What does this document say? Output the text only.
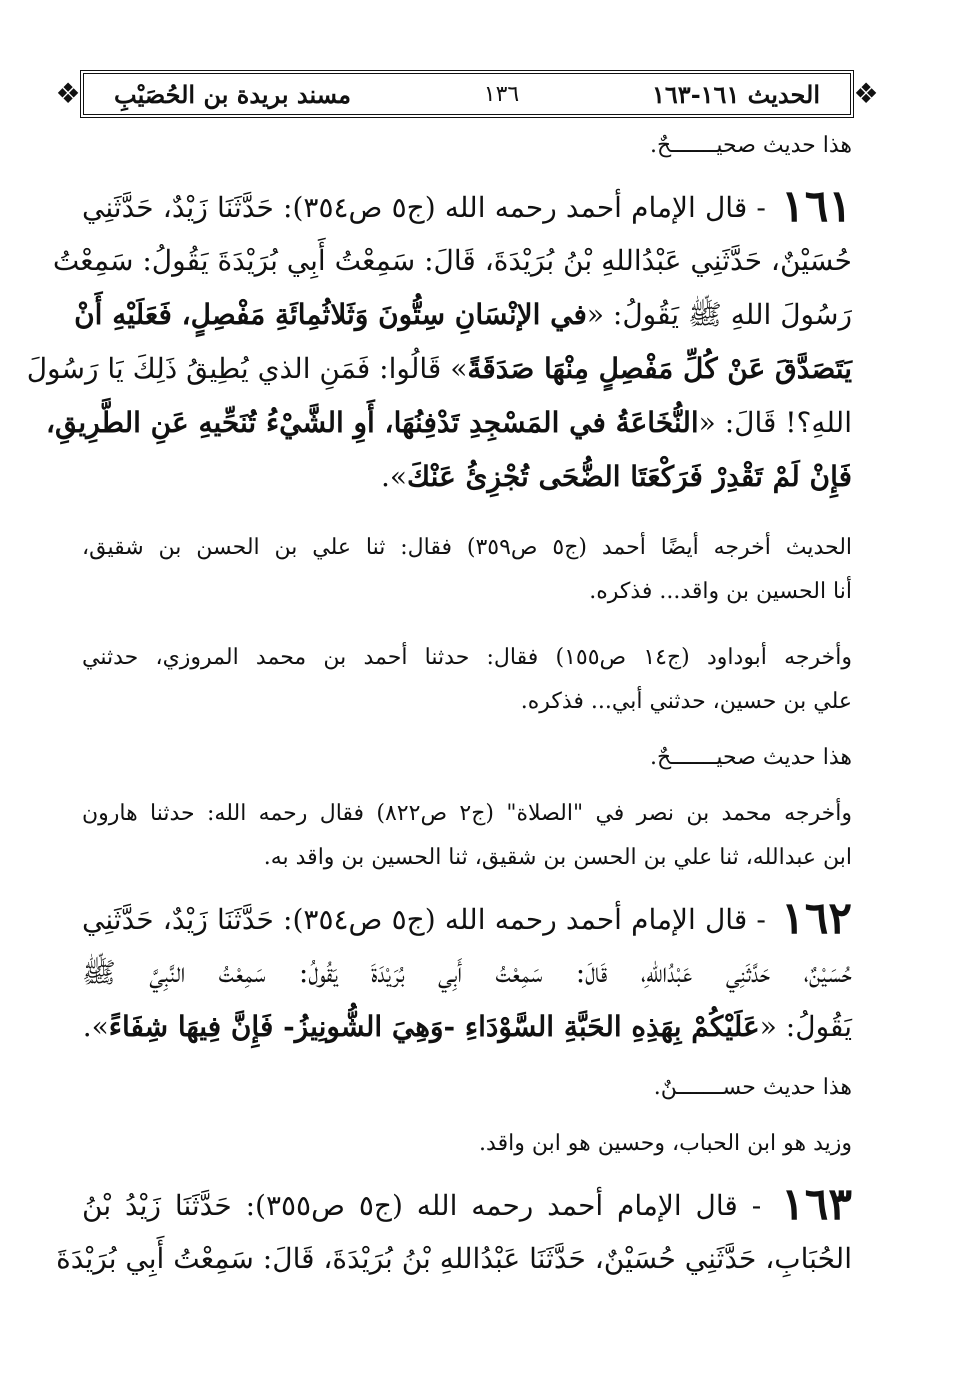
❖	الحديث ١٦١-١٦٣
١٣٦
مسند بريدة بن الحُصَيْبِ	❖
هذا حديث صحيـــــــحٌ.
١٦١ - قال الإمام أحمد رحمه الله (ج٥ ص٣٥٤): حَدَّثَنَا زَيْدٌ، حَدَّثَنِي
حُسَيْنٌ، حَدَّثَنِي عَبْدُاللهِ بْنُ بُرَيْدَةَ، قَالَ: سَمِعْتُ أَبِي بُرَيْدَةَ يَقُولُ: سَمِعْتُ
رَسُولَ اللهِ ﷺ يَقُولُ: «في الإنْسَانِ سِتُّونَ وَثَلاثُمِائَةِ مَفْصِلٍ، فَعَلَيْهِ أَنْ
يَتَصَدَّقَ عَنْ كُلِّ مَفْصِلٍ مِنْهَا صَدَقَةً» قَالُوا: فَمَنِ الذي يُطِيقُ ذَلِكَ يَا رَسُولَ
اللهِ؟! قَالَ: «النُّخَاعَةُ في المَسْجِدِ تَدْفِنُهَا، أَوِ الشَّيْءُ تُنَحِّيهِ عَنِ الطَّرِيقِ،
فَإِنْ لَمْ تَقْدِرْ فَرَكْعَتَا الضُّحَى تُجْزِئُ عَنْكَ».
الحديث أخرجه أيضًا أحمد (ج٥ ص٣٥٩) فقال: ثنا علي بن الحسن بن شقيق،
أنا الحسين بن واقد... فذكره.
وأخرجه أبوداود (ج١٤ ص١٥٥) فقال: حدثنا أحمد بن محمد المروزي، حدثني
علي بن حسين، حدثني أبي... فذكره.
هذا حديث صحيـــــــحٌ.
وأخرجه محمد بن نصر في "الصلاة" (ج٢ ص٨٢٢) فقال رحمه الله: حدثنا هارون
ابن عبدالله، ثنا علي بن الحسن بن شقيق، ثنا الحسين بن واقد به.
١٦٢ - قال الإمام أحمد رحمه الله (ج٥ ص٣٥٤): حَدَّثَنَا زَيْدٌ، حَدَّثَنِي
حُسَيْنٌ، حَدَّثَنِي عَبْدُاللهِ، قَالَ: سَمِعْتُ أَبِي بُرَيْدَةَ يَقُولُ: سَمِعْتُ النَّبِيَّ ﷺ
يَقُولُ: «عَلَيْكُمْ بِهَذِهِ الحَبَّةِ السَّوْدَاءِ -وَهِيَ الشُّونِيزُ- فَإِنَّ فِيهَا شِفَاءً».
هذا حديث حســـــــنٌ.
وزيد هو ابن الحباب، وحسين هو ابن واقد.
١٦٣ - قال الإمام أحمد رحمه الله (ج٥ ص٣٥٥): حَدَّثَنَا زَيْدُ بْنُ
الحُبَابِ، حَدَّثَنِي حُسَيْنٌ، حَدَّثَنَا عَبْدُاللهِ بْنُ بُرَيْدَةَ، قَالَ: سَمِعْتُ أَبِي بُرَيْدَةَ
